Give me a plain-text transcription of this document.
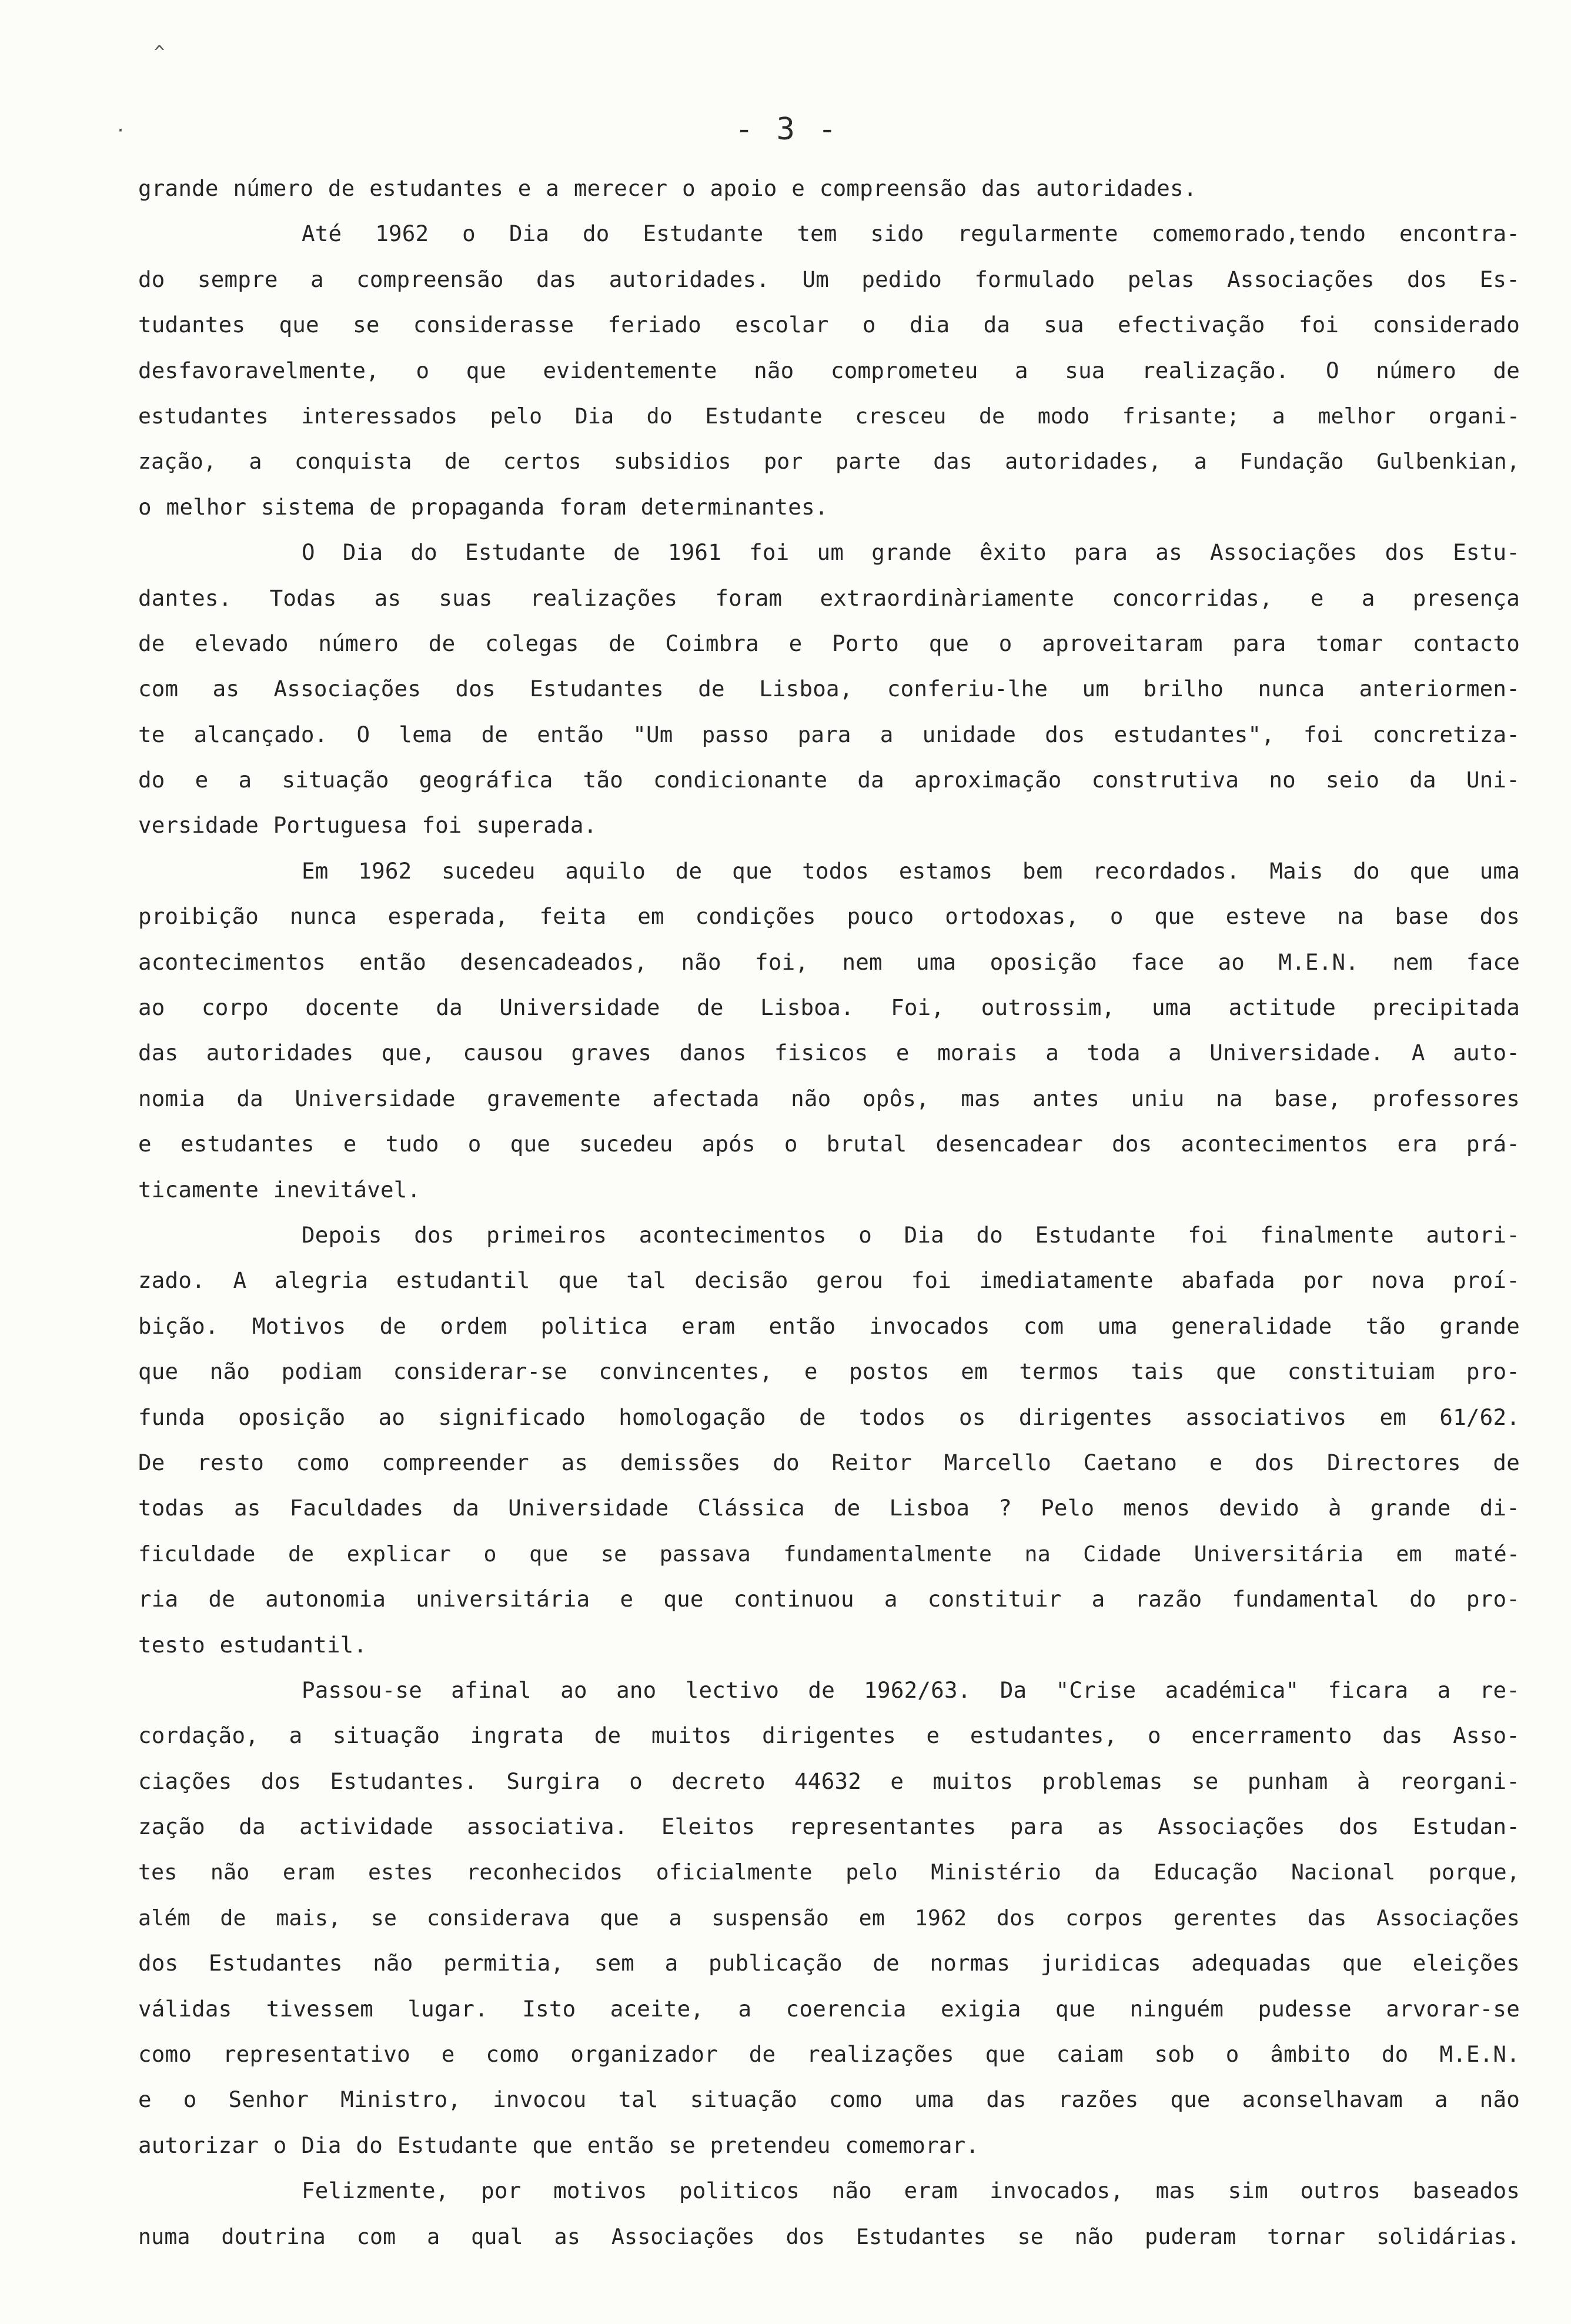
^
·	- 3 -
grande número de estudantes e a merecer o apoio e compreensão das autoridades.
Até 1962 o Dia do Estudante tem sido regularmente comemorado,tendo encontra-
do sempre a compreensão das autoridades. Um pedido formulado pelas Associações dos Es-
tudantes que se considerasse feriado escolar o dia da sua efectivação foi considerado
desfavoravelmente, o que evidentemente não comprometeu a sua realização. O número de
estudantes interessados pelo Dia do Estudante cresceu de modo frisante; a melhor organi-
zação, a conquista de certos subsidios por parte das autoridades, a Fundação Gulbenkian,
o melhor sistema de propaganda foram determinantes.
O Dia do Estudante de 1961 foi um grande êxito para as Associações dos Estu-
dantes. Todas as suas realizações foram extraordinàriamente concorridas, e a presença
de elevado número de colegas de Coimbra e Porto que o aproveitaram para tomar contacto
com as Associações dos Estudantes de Lisboa, conferiu-lhe um brilho nunca anteriormen-
te alcançado. O lema de então "Um passo para a unidade dos estudantes", foi concretiza-
do e a situação geográfica tão condicionante da aproximação construtiva no seio da Uni-
versidade Portuguesa foi superada.
Em 1962 sucedeu aquilo de que todos estamos bem recordados. Mais do que uma
proibição nunca esperada, feita em condições pouco ortodoxas, o que esteve na base dos
acontecimentos então desencadeados, não foi, nem uma oposição face ao M.E.N. nem face
ao corpo docente da Universidade de Lisboa. Foi, outrossim, uma actitude precipitada
das autoridades que, causou graves danos fisicos e morais a toda a Universidade. A auto-
nomia da Universidade gravemente afectada não opôs, mas antes uniu na base, professores
e estudantes e tudo o que sucedeu após o brutal desencadear dos acontecimentos era prá-
ticamente inevitável.
Depois dos primeiros acontecimentos o Dia do Estudante foi finalmente autori-
zado. A alegria estudantil que tal decisão gerou foi imediatamente abafada por nova proí-
bição. Motivos de ordem politica eram então invocados com uma generalidade tão grande
que não podiam considerar-se convincentes, e postos em termos tais que constituiam pro-
funda oposição ao significado homologação de todos os dirigentes associativos em 61/62.
De resto como compreender as demissões do Reitor Marcello Caetano e dos Directores de
todas as Faculdades da Universidade Clássica de Lisboa ? Pelo menos devido à grande di-
ficuldade de explicar o que se passava fundamentalmente na Cidade Universitária em maté-
ria de autonomia universitária e que continuou a constituir a razão fundamental do pro-
testo estudantil.
Passou-se afinal ao ano lectivo de 1962/63. Da "Crise académica" ficara a re-
cordação, a situação ingrata de muitos dirigentes e estudantes, o encerramento das Asso-
ciações dos Estudantes. Surgira o decreto 44632 e muitos problemas se punham à reorgani-
zação da actividade associativa. Eleitos representantes para as Associações dos Estudan-
tes não eram estes reconhecidos oficialmente pelo Ministério da Educação Nacional porque,
além de mais, se considerava que a suspensão em 1962 dos corpos gerentes das Associações
dos Estudantes não permitia, sem a publicação de normas juridicas adequadas que eleições
válidas tivessem lugar. Isto aceite, a coerencia exigia que ninguém pudesse arvorar-se
como representativo e como organizador de realizações que caiam sob o âmbito do M.E.N.
e o Senhor Ministro, invocou tal situação como uma das razões que aconselhavam a não
autorizar o Dia do Estudante que então se pretendeu comemorar.
Felizmente, por motivos politicos não eram invocados, mas sim outros baseados
numa doutrina com a qual as Associações dos Estudantes se não puderam tornar solidárias.
